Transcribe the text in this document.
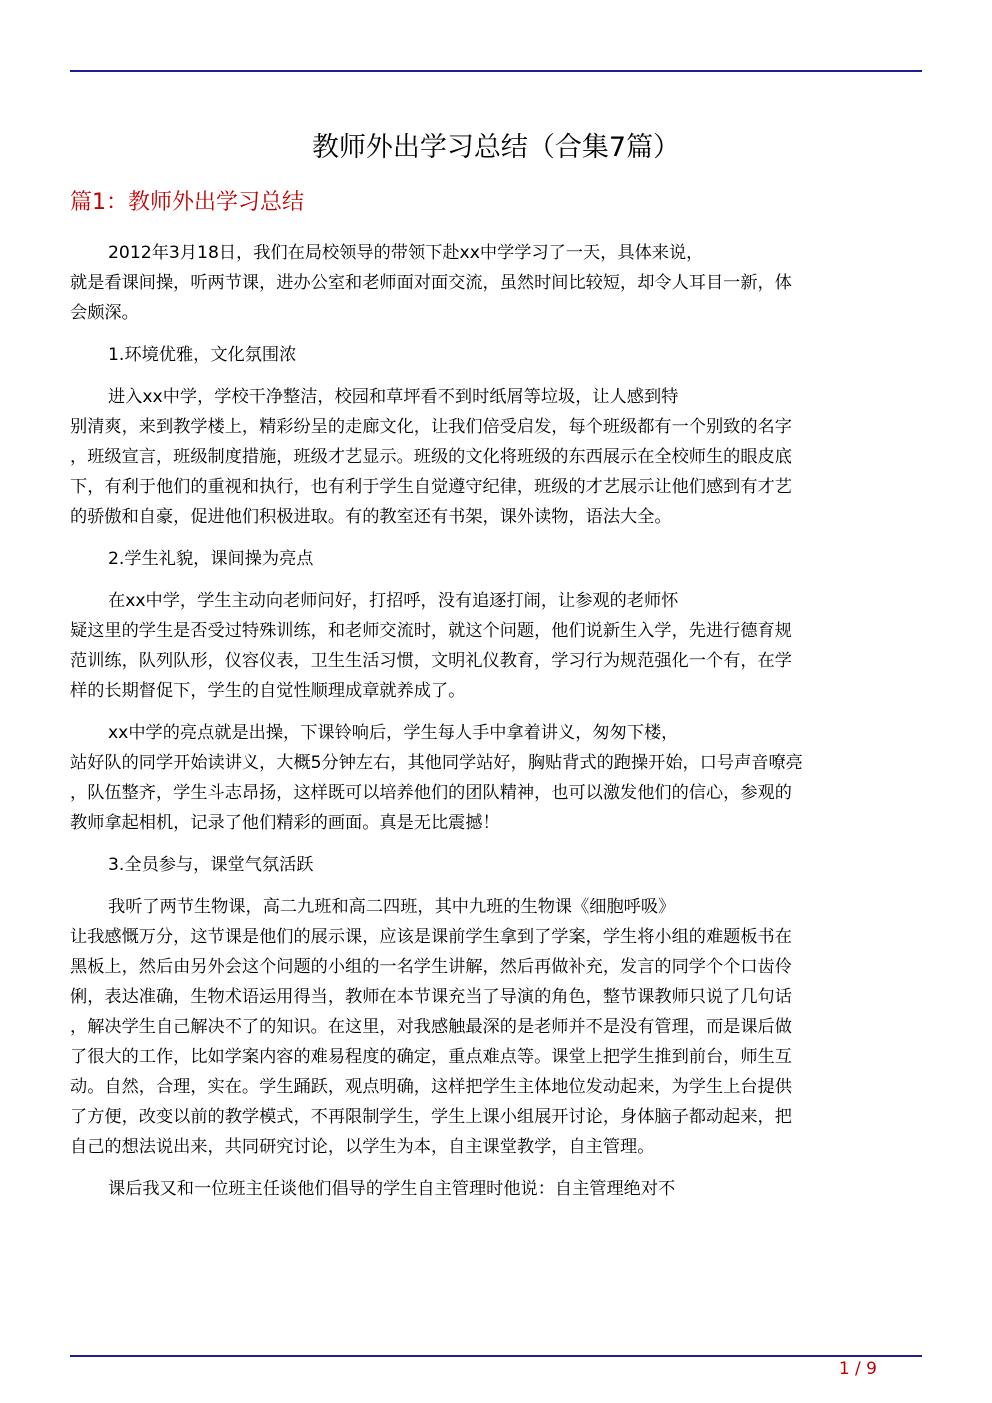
教师外出学习总结（合集7篇）
篇1：教师外出学习总结

2012年3月18日，我们在局校领导的带领下赴xx中学学习了一天，具体来说，
就是看课间操，听两节课，进办公室和老师面对面交流，虽然时间比较短，却令人耳目一新，体
会颇深。

1.环境优雅，文化氛围浓

进入xx中学，学校干净整洁，校园和草坪看不到时纸屑等垃圾，让人感到特
别清爽，来到教学楼上，精彩纷呈的走廊文化，让我们倍受启发，每个班级都有一个别致的名字
，班级宣言，班级制度措施，班级才艺显示。班级的文化将班级的东西展示在全校师生的眼皮底
下，有利于他们的重视和执行，也有利于学生自觉遵守纪律，班级的才艺展示让他们感到有才艺
的骄傲和自豪，促进他们积极进取。有的教室还有书架，课外读物，语法大全。

2.学生礼貌，课间操为亮点

在xx中学，学生主动向老师问好，打招呼，没有追逐打闹，让参观的老师怀
疑这里的学生是否受过特殊训练，和老师交流时，就这个问题，他们说新生入学，先进行德育规
范训练，队列队形，仪容仪表，卫生生活习惯，文明礼仪教育，学习行为规范强化一个有，在学
样的长期督促下，学生的自觉性顺理成章就养成了。

xx中学的亮点就是出操，下课铃响后，学生每人手中拿着讲义，匆匆下楼，
站好队的同学开始读讲义，大概5分钟左右，其他同学站好，胸贴背式的跑操开始，口号声音嘹亮
，队伍整齐，学生斗志昂扬，这样既可以培养他们的团队精神，也可以激发他们的信心，参观的
教师拿起相机，记录了他们精彩的画面。真是无比震撼！

3.全员参与，课堂气氛活跃

我听了两节生物课，高二九班和高二四班，其中九班的生物课《细胞呼吸》
让我感慨万分，这节课是他们的展示课，应该是课前学生拿到了学案，学生将小组的难题板书在
黑板上，然后由另外会这个问题的小组的一名学生讲解，然后再做补充，发言的同学个个口齿伶
俐，表达准确，生物术语运用得当，教师在本节课充当了导演的角色，整节课教师只说了几句话
，解决学生自己解决不了的知识。在这里，对我感触最深的是老师并不是没有管理，而是课后做
了很大的工作，比如学案内容的难易程度的确定，重点难点等。课堂上把学生推到前台，师生互
动。自然，合理，实在。学生踊跃，观点明确，这样把学生主体地位发动起来，为学生上台提供
了方便，改变以前的教学模式，不再限制学生，学生上课小组展开讨论，身体脑子都动起来，把
自己的想法说出来，共同研究讨论，以学生为本，自主课堂教学，自主管理。

课后我又和一位班主任谈他们倡导的学生自主管理时他说：自主管理绝对不

1 / 9
